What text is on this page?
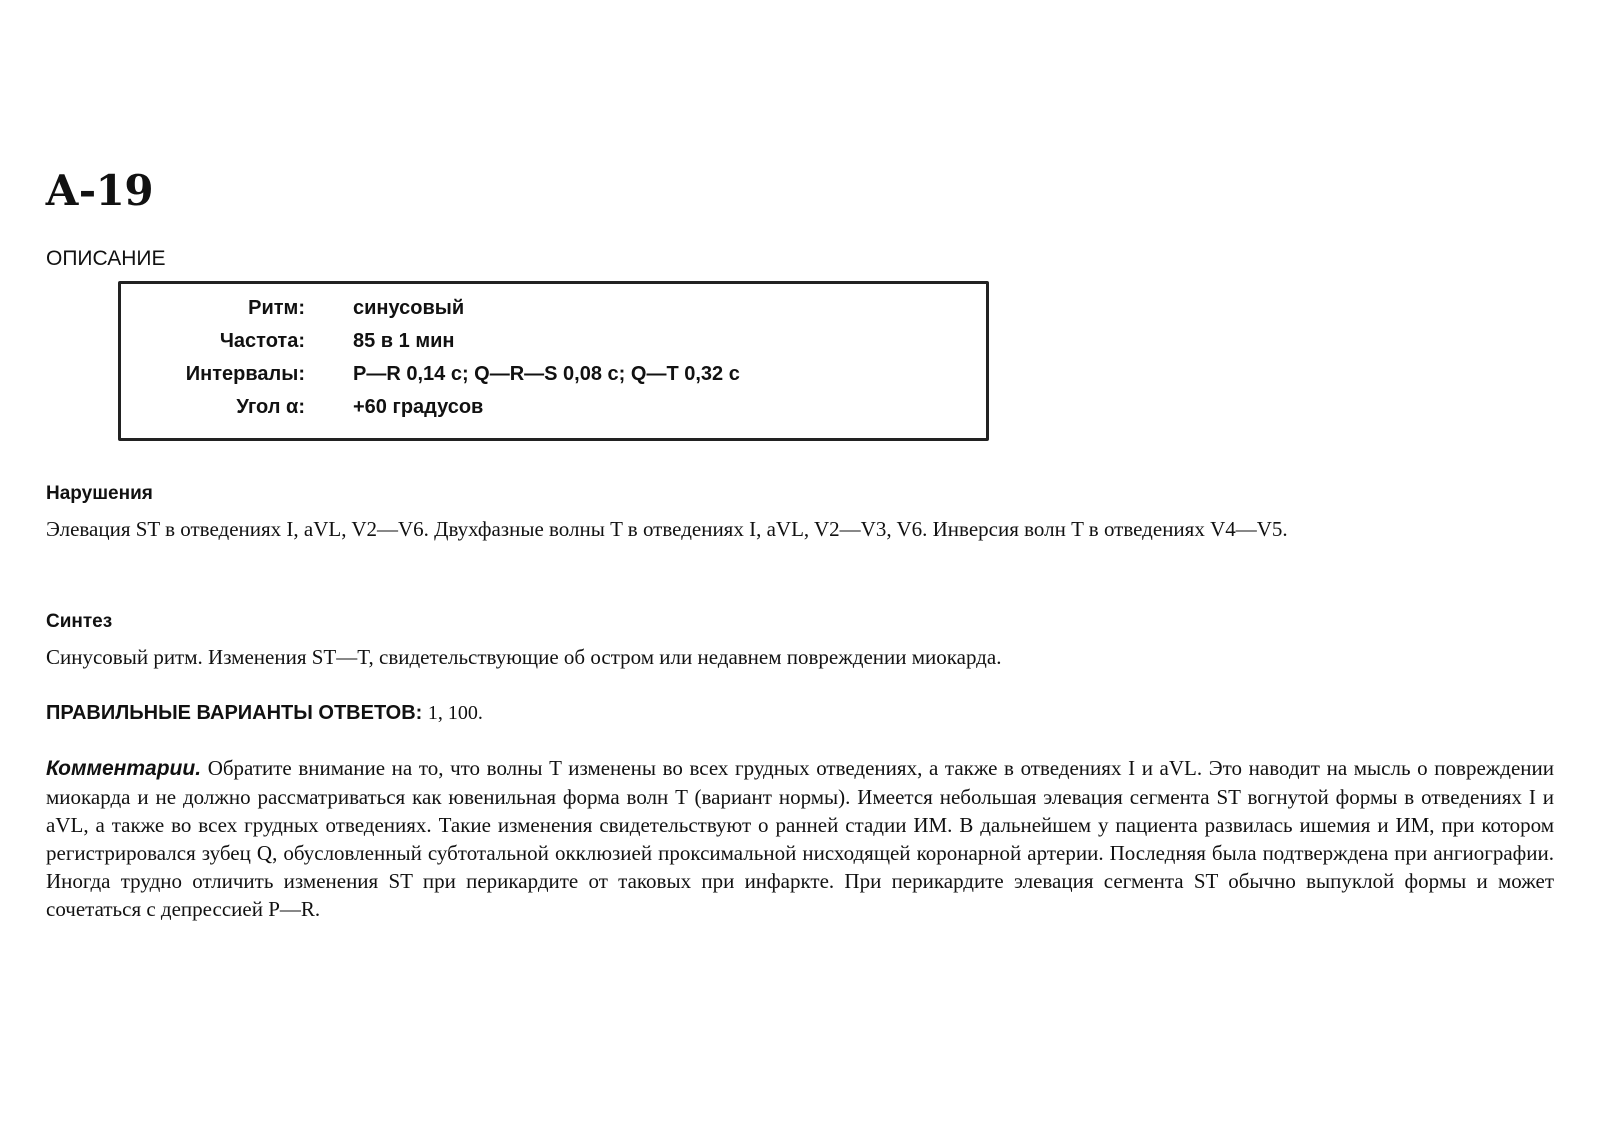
А-19
ОПИСАНИЕ
Ритм: синусовый
Частота: 85 в 1 мин
Интервалы: P—R 0,14 с; Q—R—S 0,08 с; Q—T 0,32 с
Угол α: +60 градусов
Нарушения
Элевация ST в отведениях I, aVL, V2—V6. Двухфазные волны T в отведениях I, aVL, V2—V3, V6. Инверсия волн T в отведениях V4—V5.
Синтез
Синусовый ритм. Изменения ST—T, свидетельствующие об остром или недавнем повреждении миокарда.
ПРАВИЛЬНЫЕ ВАРИАНТЫ ОТВЕТОВ: 1, 100.
Комментарии. Обратите внимание на то, что волны T изменены во всех грудных отведениях, а также в отведениях I и aVL. Это наводит на мысль о повреждении миокарда и не должно рассматриваться как ювенильная форма волн T (вариант нормы). Имеется небольшая элевация сегмента ST вогнутой формы в отведениях I и aVL, а также во всех грудных отведениях. Такие изменения свидетельствуют о ранней стадии ИМ. В дальнейшем у пациента развилась ишемия и ИМ, при котором регистрировался зубец Q, обусловленный субтотальной окклюзией проксимальной нисходящей коронарной артерии. Последняя была подтверждена при ангиографии. Иногда трудно отличить изменения ST при перикардите от таковых при инфаркте. При перикардите элевация сегмента ST обычно выпуклой формы и может сочетаться с депрессией P—R.
